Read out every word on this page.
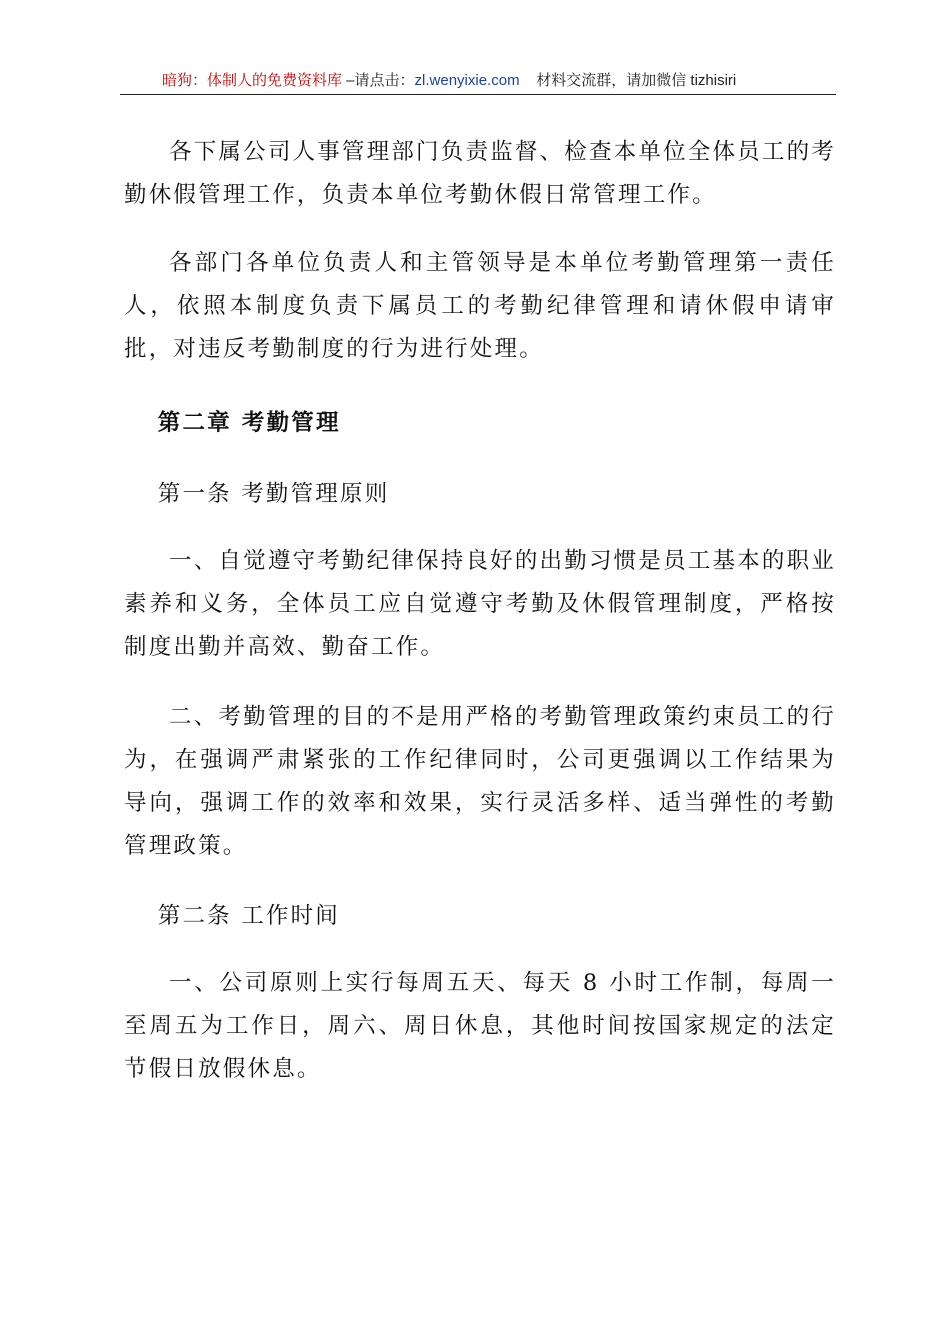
暗狗：体制人的免费资料库 –请点击：zl.wenyixie.com 材料交流群，请加微信 tizhisiri

各下属公司人事管理部门负责监督、检查本单位全体员工的考勤休假管理工作，负责本单位考勤休假日常管理工作。

各部门各单位负责人和主管领导是本单位考勤管理第一责任人，依照本制度负责下属员工的考勤纪律管理和请休假申请审批，对违反考勤制度的行为进行处理。

第二章 考勤管理

第一条 考勤管理原则

一、自觉遵守考勤纪律保持良好的出勤习惯是员工基本的职业素养和义务，全体员工应自觉遵守考勤及休假管理制度，严格按制度出勤并高效、勤奋工作。

二、考勤管理的目的不是用严格的考勤管理政策约束员工的行为，在强调严肃紧张的工作纪律同时，公司更强调以工作结果为导向，强调工作的效率和效果，实行灵活多样、适当弹性的考勤管理政策。

第二条 工作时间

一、公司原则上实行每周五天、每天 8 小时工作制，每周一至周五为工作日，周六、周日休息，其他时间按国家规定的法定节假日放假休息。
